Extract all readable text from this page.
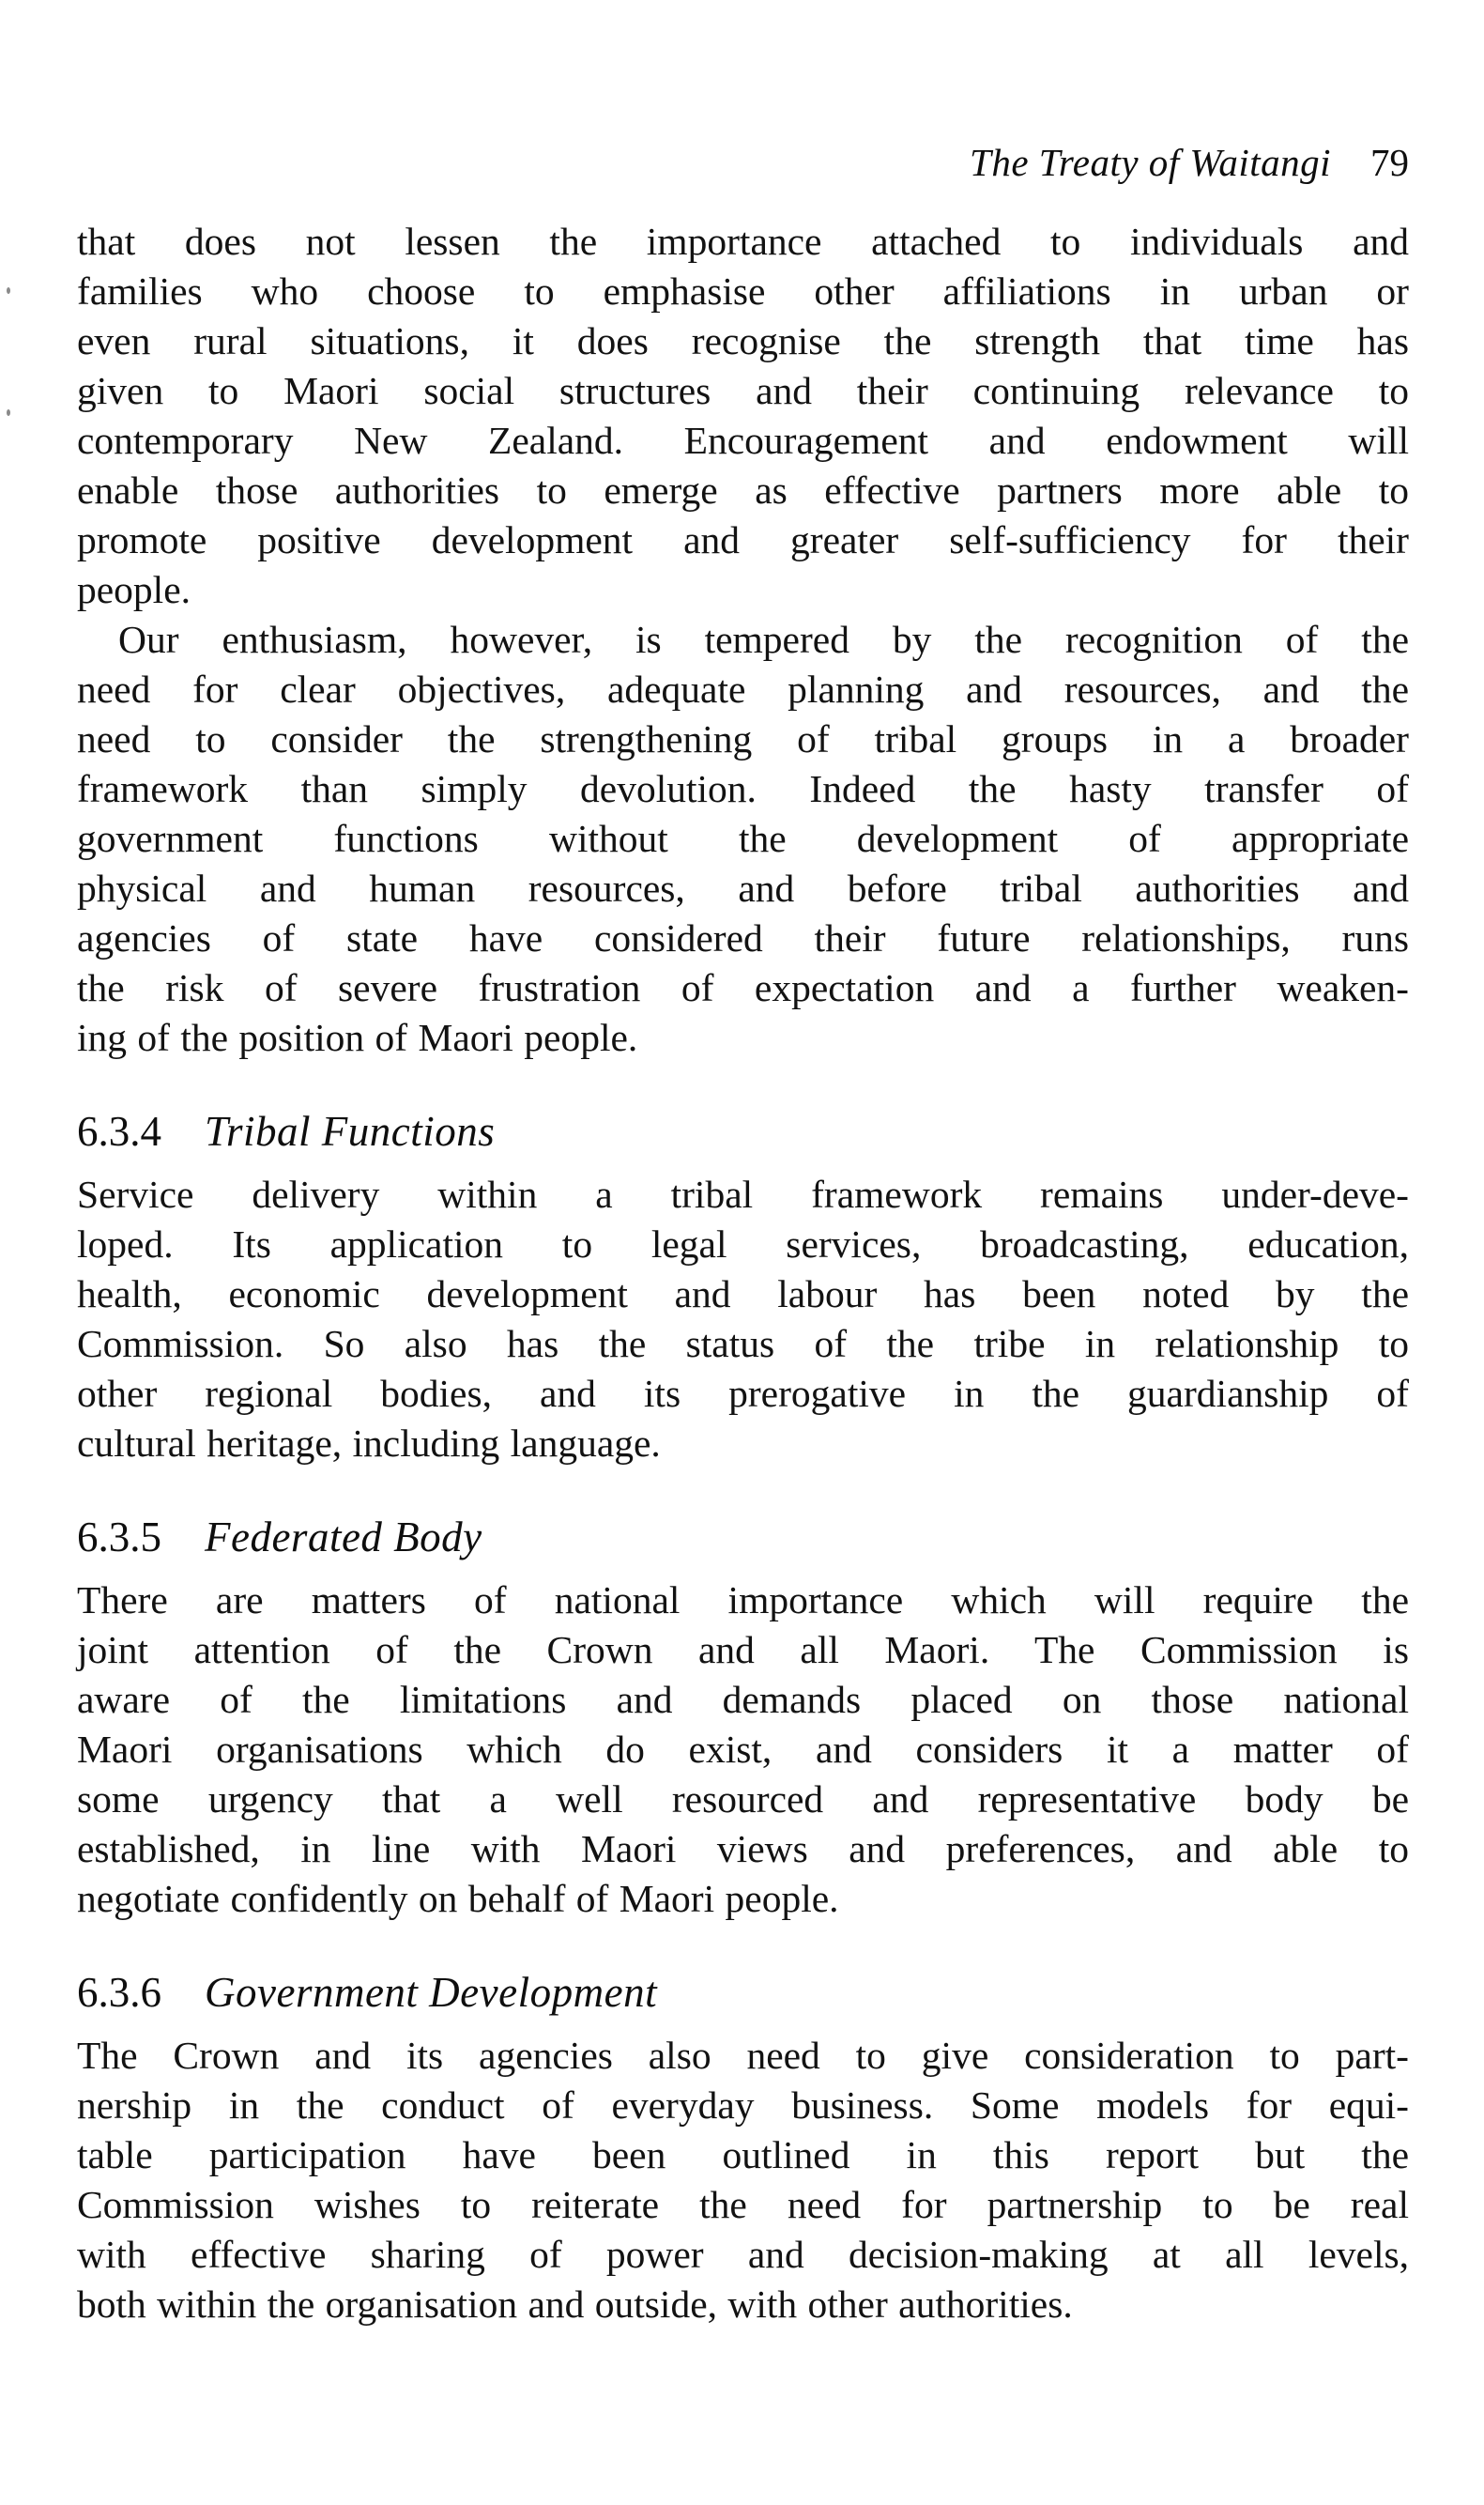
The Treaty of Waitangi 79
that does not lessen the importance attached to individuals and
families who choose to emphasise other affiliations in urban or
even rural situations, it does recognise the strength that time has
given to Maori social structures and their continuing relevance to
contemporary New Zealand. Encouragement and endowment will
enable those authorities to emerge as effective partners more able to
promote positive development and greater self-sufficiency for their
people.
Our enthusiasm, however, is tempered by the recognition of the
need for clear objectives, adequate planning and resources, and the
need to consider the strengthening of tribal groups in a broader
framework than simply devolution. Indeed the hasty transfer of
government functions without the development of appropriate
physical and human resources, and before tribal authorities and
agencies of state have considered their future relationships, runs
the risk of severe frustration of expectation and a further weaken-
ing of the position of Maori people.
6.3.4 Tribal Functions
Service delivery within a tribal framework remains under-deve-
loped. Its application to legal services, broadcasting, education,
health, economic development and labour has been noted by the
Commission. So also has the status of the tribe in relationship to
other regional bodies, and its prerogative in the guardianship of
cultural heritage, including language.
6.3.5 Federated Body
There are matters of national importance which will require the
joint attention of the Crown and all Maori. The Commission is
aware of the limitations and demands placed on those national
Maori organisations which do exist, and considers it a matter of
some urgency that a well resourced and representative body be
established, in line with Maori views and preferences, and able to
negotiate confidently on behalf of Maori people.
6.3.6 Government Development
The Crown and its agencies also need to give consideration to part-
nership in the conduct of everyday business. Some models for equi-
table participation have been outlined in this report but the
Commission wishes to reiterate the need for partnership to be real
with effective sharing of power and decision-making at all levels,
both within the organisation and outside, with other authorities.
